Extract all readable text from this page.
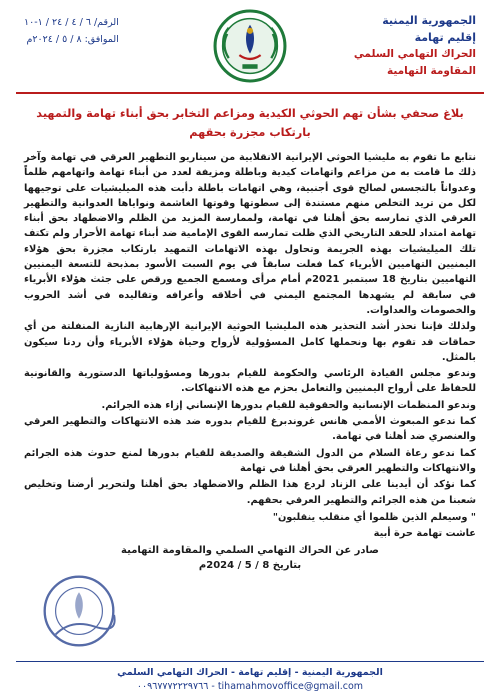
الجمهورية اليمنية
إقليم تهامة
الحراك التهامي السلمي
المقاومة التهامية
الرقم/ ٦ / ٤ / ٢٤ / ١-١٠
الموافق: ٨ / ٥ / ٢٠٢٤م
بلاغ صحفي بشأن تهم الحوثي الكيدية ومزاعم التخابر بحق أبناء تهامة والتمهيد
بارتكاب مجزرة بحقهم

نتابع ما تقوم به مليشيا الحوثي الإيرانية الانقلابية من سيناريو التطهير العرقي في تهامة وآخر ذلك ما قامت به من مزاعم واتهامات كيدية وباطلة ومزيفة لعدد من أبناء تهامة واتهامهم ظلماً وعدواناً بالتجسس لصالح قوى أجنبية، وهي اتهامات باطلة دأبت هذه الميليشيات على توجيهها لكل من تريد التخلص منهم مستندة إلى سطوتها وقوتها الغاشمة ونواياها العدوانية والتطهير العرقي الذي تمارسه بحق أهلنا في تهامة، ولممارسة المزيد من الظلم والاضطهاد بحق أبناء تهامة امتداد للحقد التاريخي الذي ظلت تمارسه القوى الإمامية ضد أبناء تهامة الأحرار ولم تكتف تلك الميليشيات بهذه الجريمة وتحاول بهذه الاتهامات التمهيد بارتكاب مجزرة بحق هؤلاء اليمنيين التهاميين الأبرياء كما فعلت سابقاً في يوم السبت الأسود بمذبحة للتسعة اليمنيين التهاميين بتاريخ 18 سبتمبر 2021م أمام مرأى ومسمع الجميع ورقص على جثث هؤلاء الأبرياء في سابقة لم يشهدها المجتمع اليمني في أخلاقه وأعرافه وتقاليده في أشد الحروب والخصومات والعداوات.

ولذلك فإننا نحذر أشد التحذير هذه المليشيا الحوثية الإيرانية الإرهابية النازية المنفلتة من أي حماقات قد تقوم بها ونحملها كامل المسؤولية لأرواح وحياة هؤلاء الأبرياء وأن ردنا سيكون بالمثل.

وندعو مجلس القيادة الرئاسي والحكومة للقيام بدورها ومسؤولياتها الدستورية والقانونية للحفاظ على أرواح اليمنيين والتعامل بحزم مع هذه الانتهاكات.

وندعو المنظمات الإنسانية والحقوقية للقيام بدورها الإنساني إزاء هذه الجرائم.

كما ندعو المبعوث الأممي هانس غروندبرغ للقيام بدوره ضد هذه الانتهاكات والتطهير العرقي والعنصري ضد أهلنا في تهامة.

كما ندعو رعاة السلام من الدول الشقيقة والصديقة للقيام بدورها لمنع حدوث هذه الجرائم والانتهاكات والتطهير العرقي بحق أهلنا في تهامة

كما نؤكد أن أيدينا على الزناد لردع هذا الظلم والاضطهاد بحق أهلنا ولتحرير أرضنا وتخليص شعبنا من هذه الجرائم والتطهير العرقي بحقهم.

" وسيعلم الذين ظلموا أي منقلب ينقلبون"

عاشت تهامة حرة أبية

صادر عن الحراك التهامي السلمي والمقاومة التهامية
بتاريخ 8 / 5 / 2024م
الجمهورية اليمنية - إقليم تهامة - الحراك التهامي السلمي
tihamahmovoffice@gmail.com - ٠٠٩٦٧٧٧٢٢٢٩٧٦٦
